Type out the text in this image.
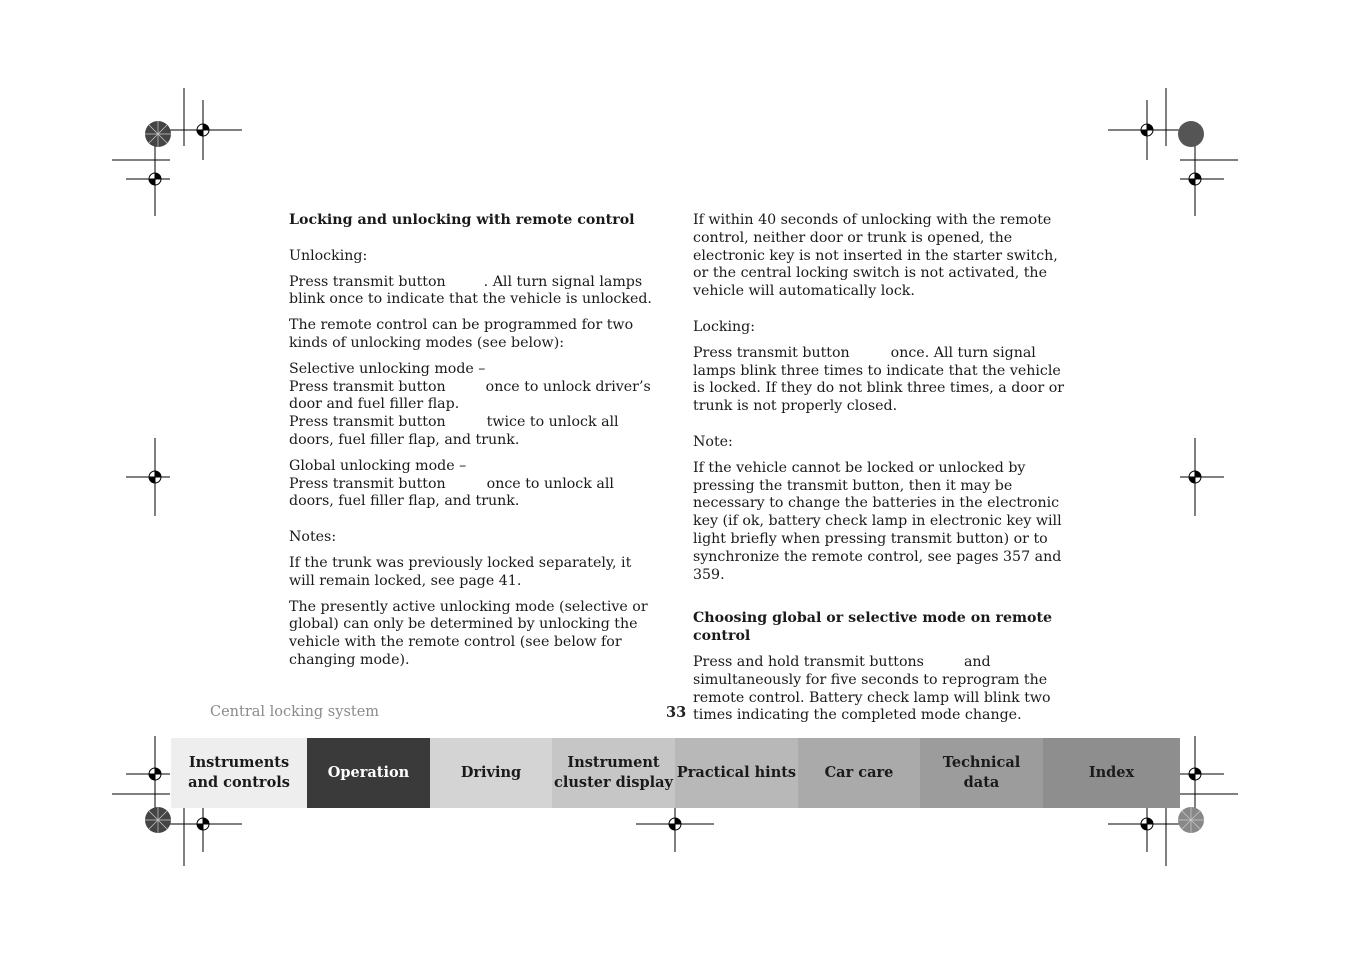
Locking and unlocking with remote control

Unlocking:

Press transmit button	. All turn signal lamps blink once to indicate that the vehicle is unlocked.

The remote control can be programmed for two kinds of unlocking modes (see below):

Selective unlocking mode –
Press transmit button	once to unlock driver’s door and fuel filler flap.
Press transmit button	twice to unlock all doors, fuel filler flap, and trunk.

Global unlocking mode –
Press transmit button	once to unlock all doors, fuel filler flap, and trunk.

Notes:

If the trunk was previously locked separately, it will remain locked, see page 41.

The presently active unlocking mode (selective or global) can only be determined by unlocking the vehicle with the remote control (see below for changing mode).

If within 40 seconds of unlocking with the remote control, neither door or trunk is opened, the electronic key is not inserted in the starter switch, or the central locking switch is not activated, the vehicle will automatically lock.

Locking:

Press transmit button	once. All turn signal lamps blink three times to indicate that the vehicle is locked. If they do not blink three times, a door or trunk is not properly closed.

Note:

If the vehicle cannot be locked or unlocked by pressing the transmit button, then it may be necessary to change the batteries in the electronic key (if ok, battery check lamp in electronic key will light briefly when pressing transmit button) or to synchronize the remote control, see pages 357 and 359.

Choosing global or selective mode on remote control

Press and hold transmit buttons	and simultaneously for five seconds to reprogram the remote control. Battery check lamp will blink two times indicating the completed mode change.

Central locking system	33
Instruments
and controls
Operation	Driving
Instrument
cluster display
Practical hints Car care
Technical
data
Index
